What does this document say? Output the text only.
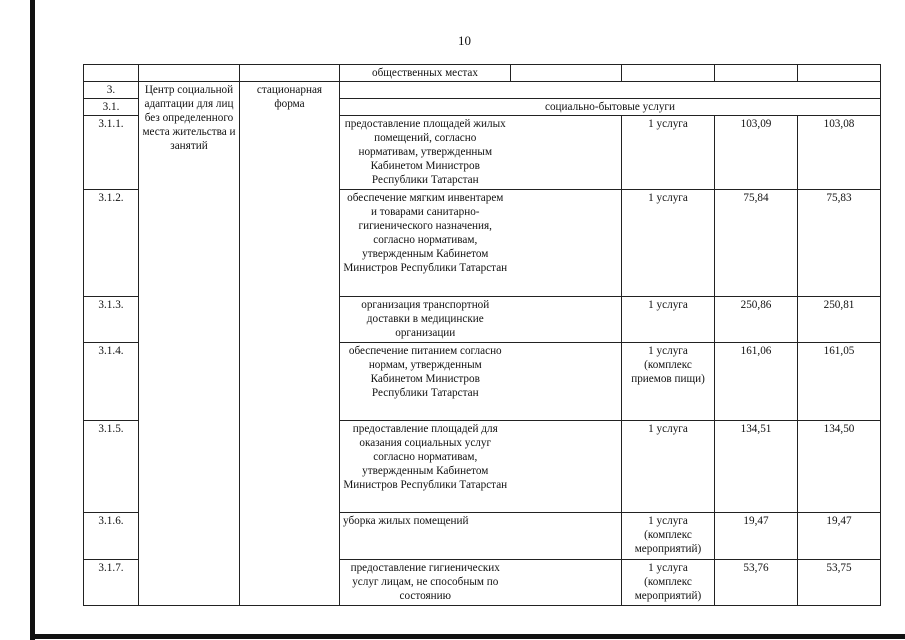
10
			общественных местах				
3.	Центр социальной адаптации для лиц без определенного места жительства и занятий	стационарная форма					
3.1.			социально-бытовые услуги				
3.1.1.			предоставление площадей жилых помещений, согласно нормативам, утвержденным Кабинетом Министров Республики Татарстан		1 услуга	103,09	103,08
3.1.2.			обеспечение мягким инвентарем и товарами санитарно-гигиенического назначения, согласно нормативам, утвержденным Кабинетом Министров Республики Татарстан		1 услуга	75,84	75,83
3.1.3.			организация транспортной доставки в медицинские организации		1 услуга	250,86	250,81
3.1.4.			обеспечение питанием согласно нормам, утвержденным Кабинетом Министров Республики Татарстан		1 услуга (комплекс приемов пищи)	161,06	161,05
3.1.5.			предоставление площадей для оказания социальных услуг согласно нормативам, утвержденным Кабинетом Министров Республики Татарстан		1 услуга	134,51	134,50
3.1.6.			уборка жилых помещений		1 услуга (комплекс мероприятий)	19,47	19,47
3.1.7.			предоставление гигиенических услуг лицам, не способным по состоянию		1 услуга (комплекс мероприятий)	53,76	53,75
